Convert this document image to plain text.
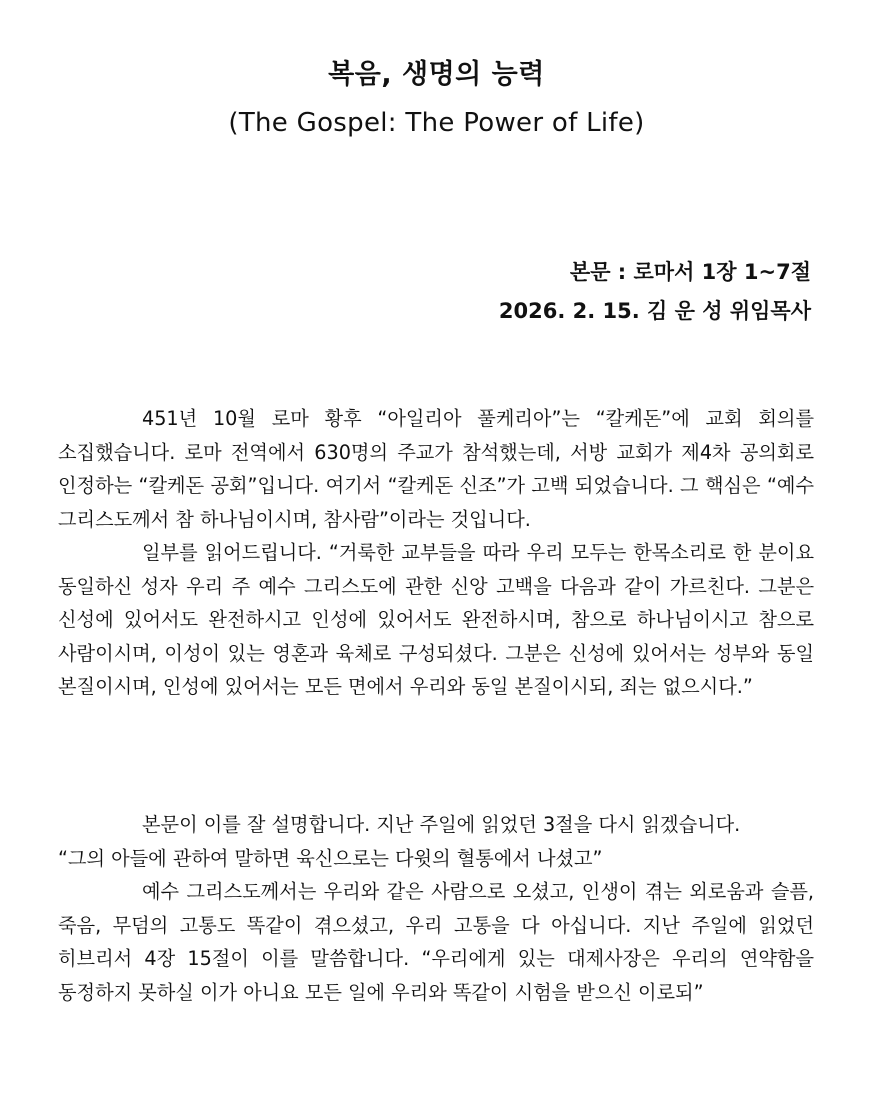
복음, 생명의 능력
(The Gospel: The Power of Life)
본문 : 로마서 1장 1~7절
2026. 2. 15. 김 운 성 위임목사

451년 10월 로마 황후 “아일리아 풀케리아”는 “칼케돈”에 교회 회의를 소집했습니다. 로마 전역에서 630명의 주교가 참석했는데, 서방 교회가 제4차 공의회로 인정하는 “칼케돈 공회”입니다. 여기서 “칼케돈 신조”가 고백 되었습니다. 그 핵심은 “예수 그리스도께서 참 하나님이시며, 참사람”이라는 것입니다.

일부를 읽어드립니다. “거룩한 교부들을 따라 우리 모두는 한목소리로 한 분이요 동일하신 성자 우리 주 예수 그리스도에 관한 신앙 고백을 다음과 같이 가르친다. 그분은 신성에 있어서도 완전하시고 인성에 있어서도 완전하시며, 참으로 하나님이시고 참으로 사람이시며, 이성이 있는 영혼과 육체로 구성되셨다. 그분은 신성에 있어서는 성부와 동일 본질이시며, 인성에 있어서는 모든 면에서 우리와 동일 본질이시되, 죄는 없으시다.”

본문이 이를 잘 설명합니다. 지난 주일에 읽었던 3절을 다시 읽겠습니다.

“그의 아들에 관하여 말하면 육신으로는 다윗의 혈통에서 나셨고”

예수 그리스도께서는 우리와 같은 사람으로 오셨고, 인생이 겪는 외로움과 슬픔, 죽음, 무덤의 고통도 똑같이 겪으셨고, 우리 고통을 다 아십니다. 지난 주일에 읽었던 히브리서 4장 15절이 이를 말씀합니다. “우리에게 있는 대제사장은 우리의 연약함을 동정하지 못하실 이가 아니요 모든 일에 우리와 똑같이 시험을 받으신 이로되”
